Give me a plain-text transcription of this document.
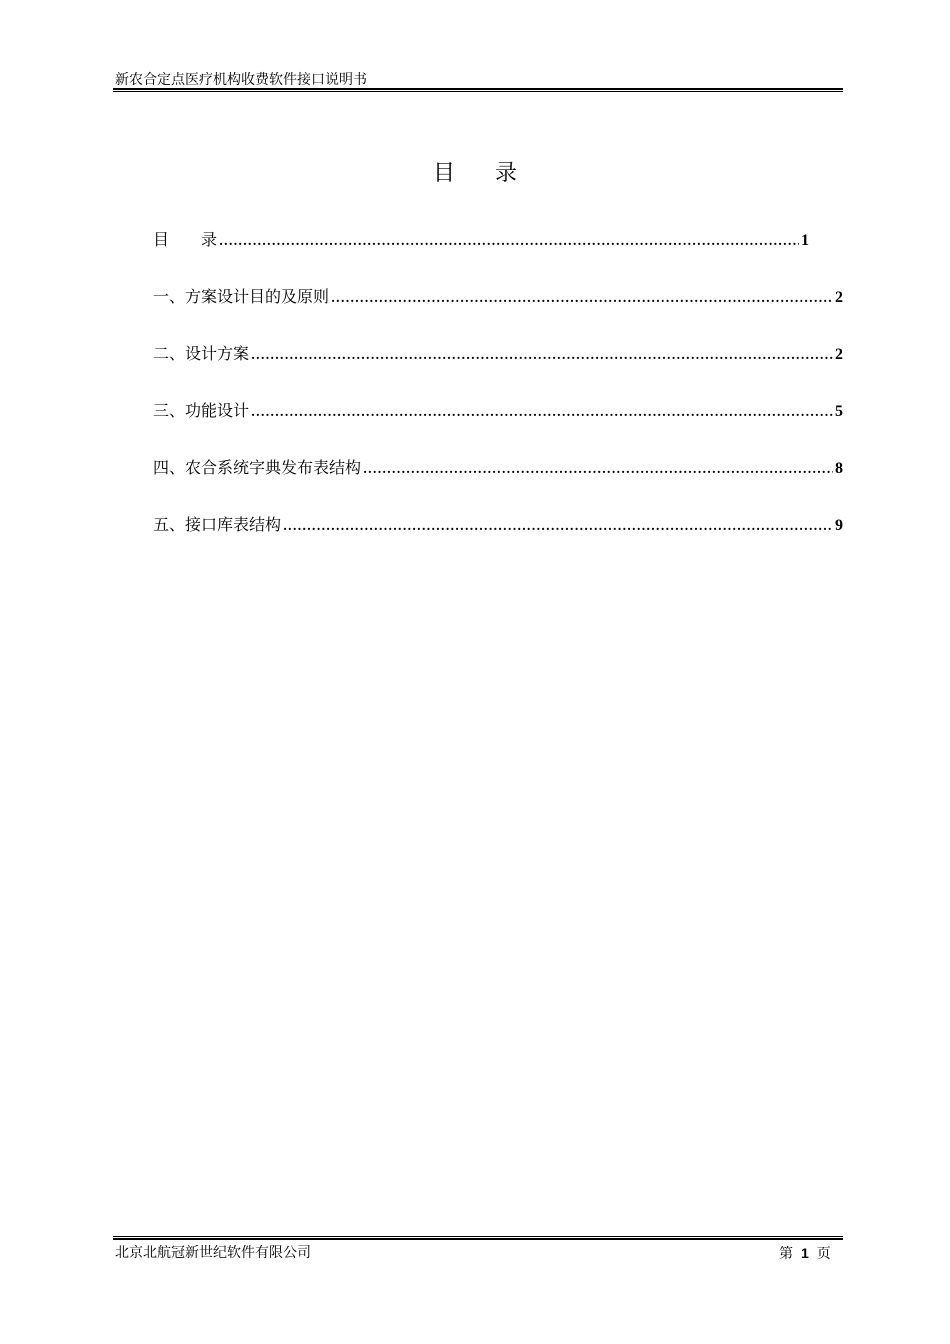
新农合定点医疗机构收费软件接口说明书
目 录
目　　录 .....	1
一、方案设计目的及原则 .....	2
二、设计方案 .....	2
三、功能设计 .....	5
四、农合系统字典发布表结构 .....	8
五、接口库表结构 .....	9
北京北航冠新世纪软件有限公司	第 1 页
